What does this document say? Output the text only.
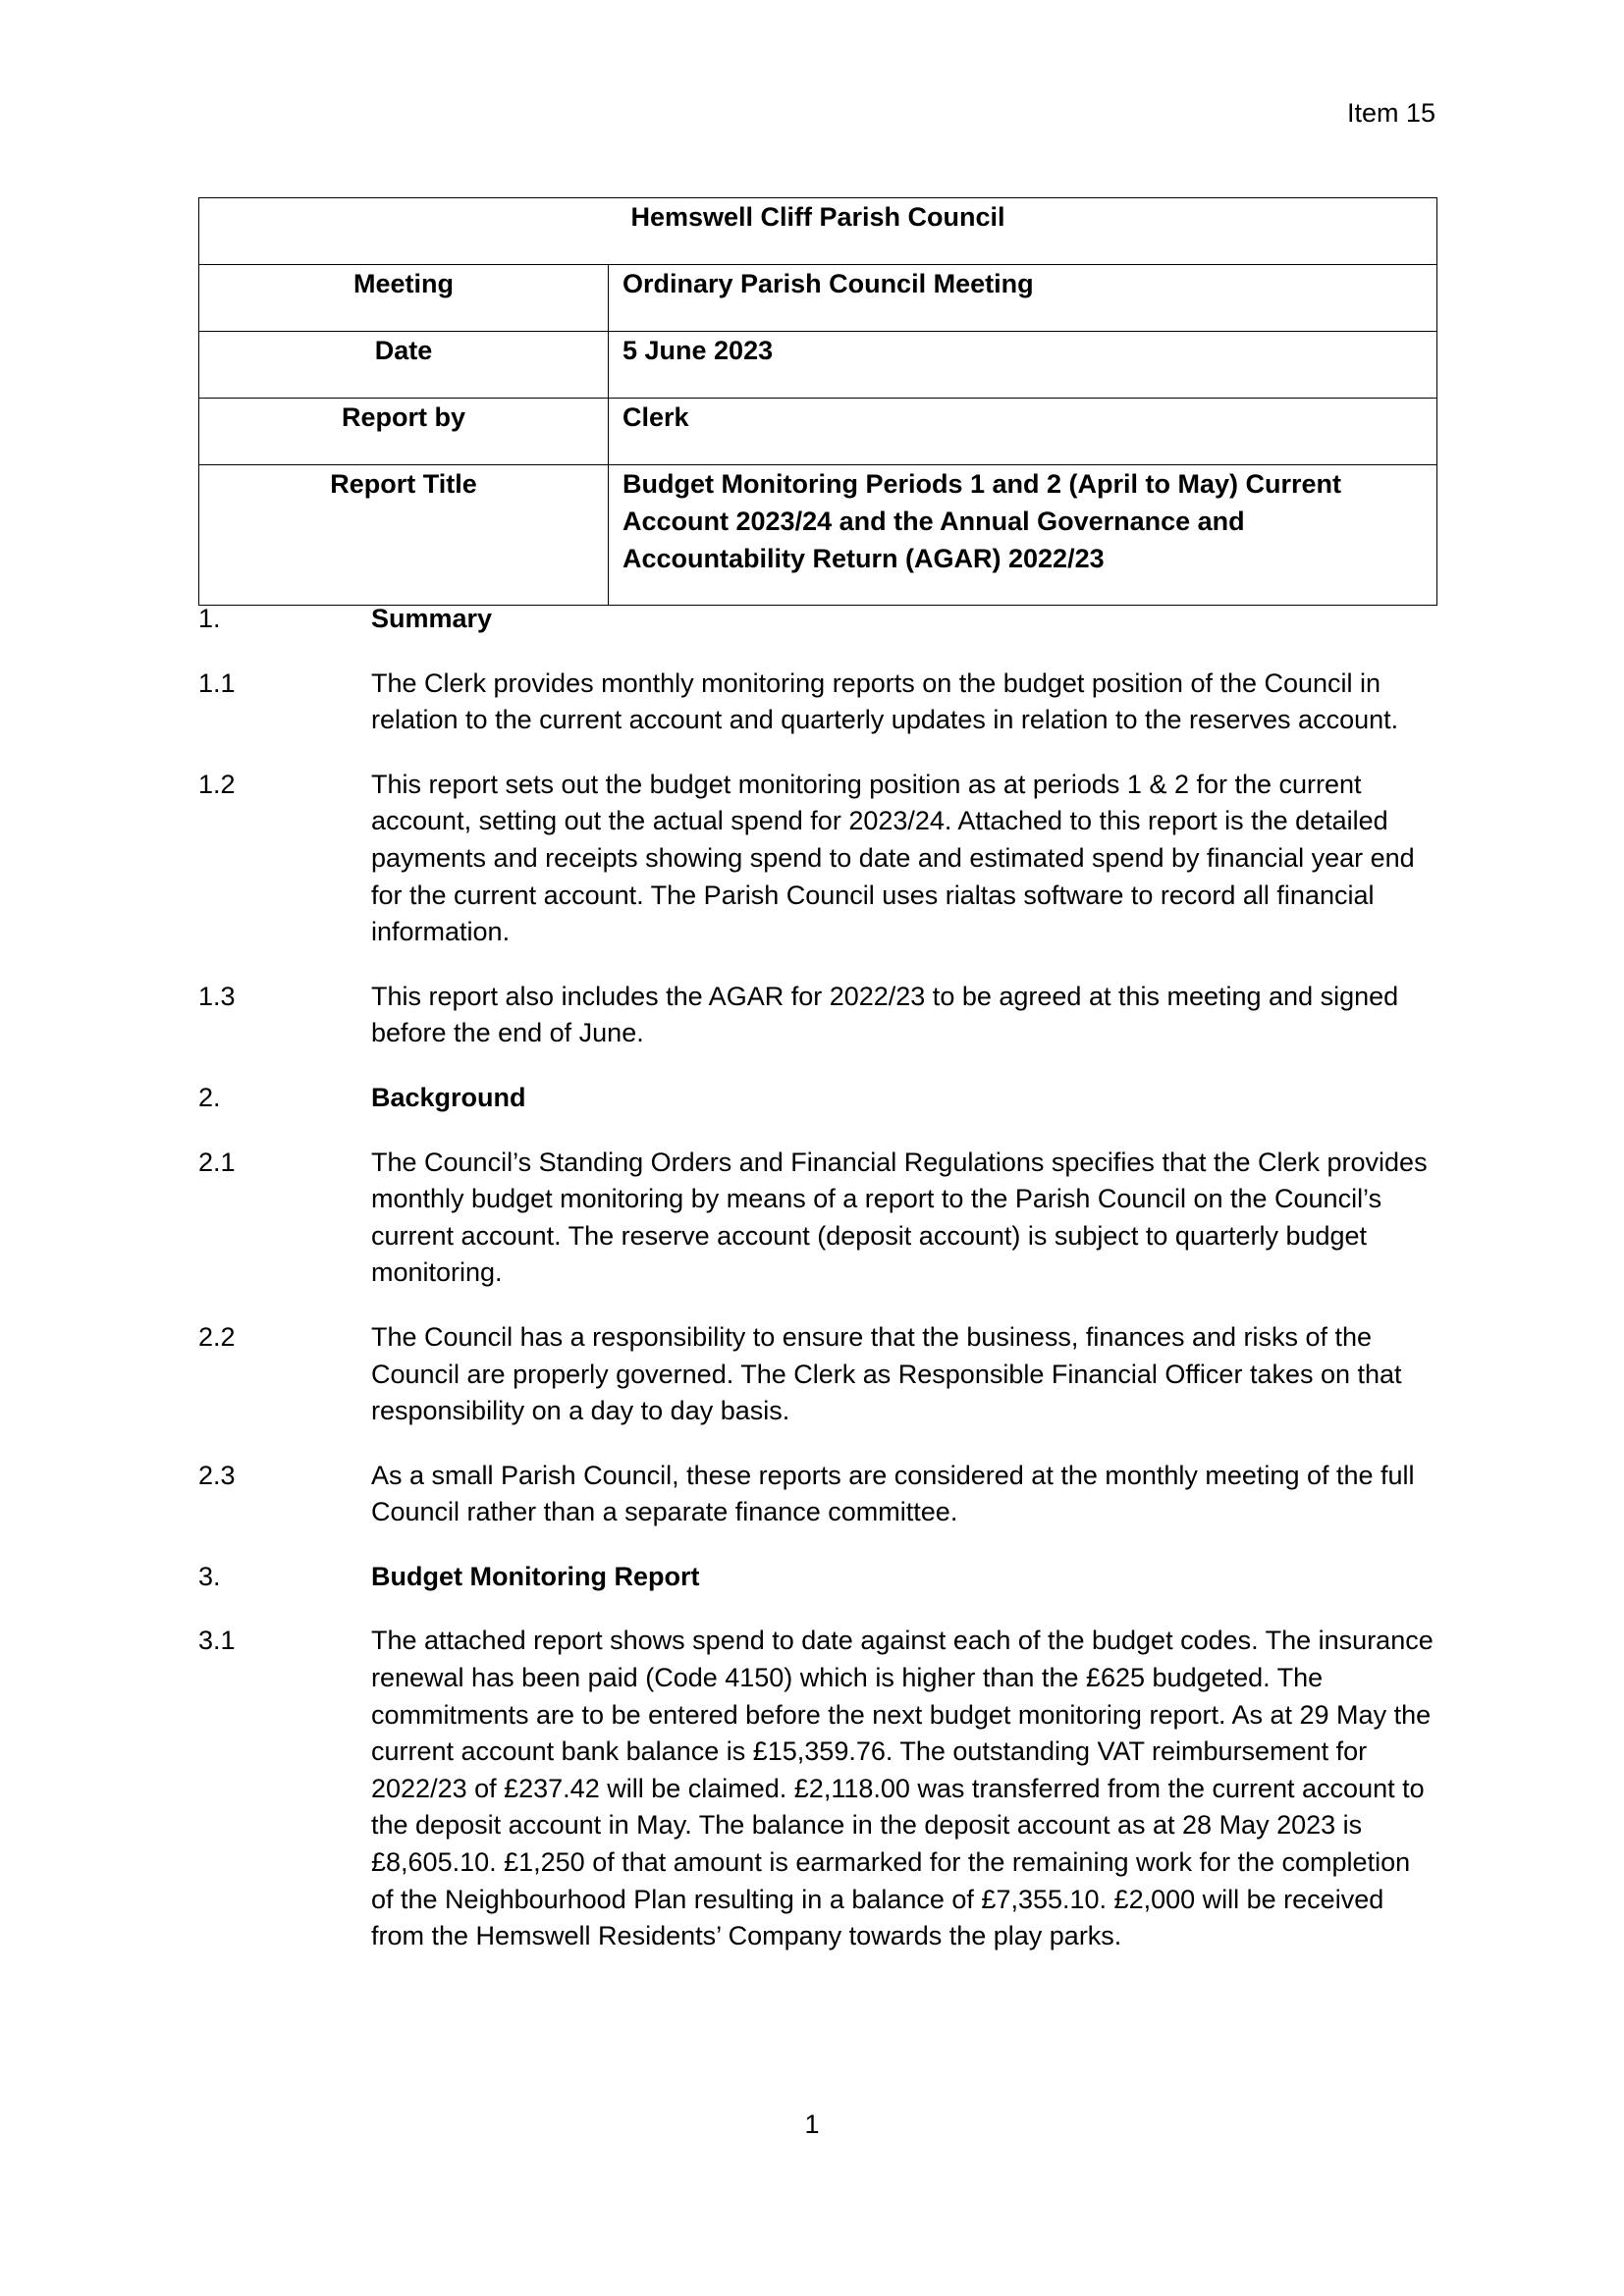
Item 15
Hemswell Cliff Parish Council	
Meeting	Ordinary Parish Council Meeting
Date	5 June 2023
Report by	Clerk
Report Title	Budget Monitoring Periods 1 and 2 (April to May) Current Account 2023/24 and the Annual Governance and Accountability Return (AGAR) 2022/23
1.	Summary
1.1	The Clerk provides monthly monitoring reports on the budget position of the Council in relation to the current account and quarterly updates in relation to the reserves account.
1.2	This report sets out the budget monitoring position as at periods 1 & 2 for the current account, setting out the actual spend for 2023/24. Attached to this report is the detailed payments and receipts showing spend to date and estimated spend by financial year end for the current account. The Parish Council uses rialtas software to record all financial information.
1.3	This report also includes the AGAR for 2022/23 to be agreed at this meeting and signed before the end of June.
2.	Background
2.1	The Council’s Standing Orders and Financial Regulations specifies that the Clerk provides monthly budget monitoring by means of a report to the Parish Council on the Council’s current account. The reserve account (deposit account) is subject to quarterly budget monitoring.
2.2	The Council has a responsibility to ensure that the business, finances and risks of the Council are properly governed. The Clerk as Responsible Financial Officer takes on that responsibility on a day to day basis.
2.3	As a small Parish Council, these reports are considered at the monthly meeting of the full Council rather than a separate finance committee.
3.	Budget Monitoring Report
3.1	The attached report shows spend to date against each of the budget codes. The insurance renewal has been paid (Code 4150) which is higher than the £625 budgeted. The commitments are to be entered before the next budget monitoring report. As at 29 May the current account bank balance is £15,359.76. The outstanding VAT reimbursement for 2022/23 of £237.42 will be claimed. £2,118.00 was transferred from the current account to the deposit account in May. The balance in the deposit account as at 28 May 2023 is £8,605.10. £1,250 of that amount is earmarked for the remaining work for the completion of the Neighbourhood Plan resulting in a balance of £7,355.10. £2,000 will be received from the Hemswell Residents’ Company towards the play parks.
1
